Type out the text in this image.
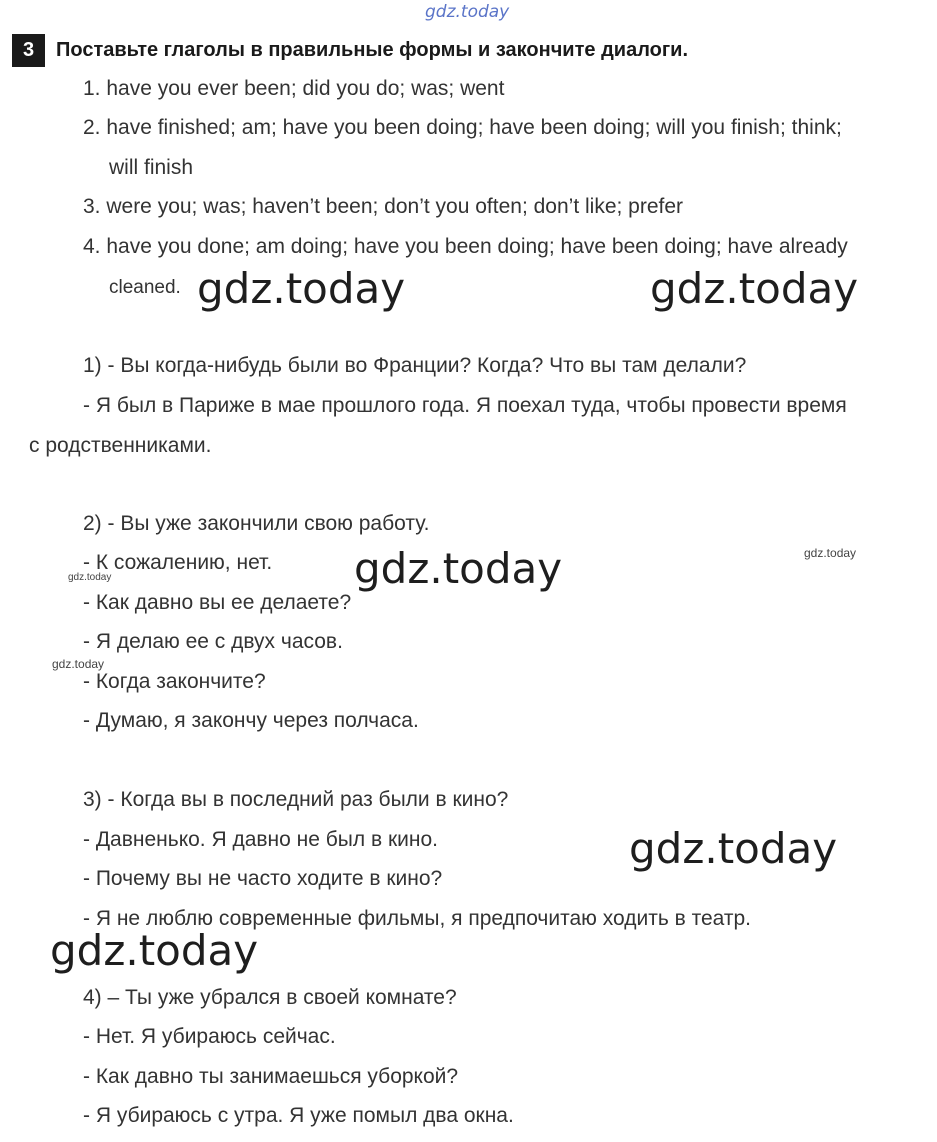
gdz.today
3	Поставьте глаголы в правильные формы и закончите диалоги.
1. have you ever been; did you do; was; went
2. have finished; am; have you been doing; have been doing; will you finish; think;
will finish
3. were you; was; haven’t been; don’t you often; don’t like; prefer
4. have you done; am doing; have you been doing; have been doing; have already
cleaned. gdz.today	gdz.today
1) - Вы когда-нибудь были во Франции? Когда? Что вы там делали?
- Я был в Париже в мае прошлого года. Я поехал туда, чтобы провести время
с родственниками.
2) - Вы уже закончили свою работу.
- К сожалению, нет.
- Как давно вы ее делаете?
- Я делаю ее с двух часов.
- Когда закончите?
- Думаю, я закончу через полчаса.
gdz.today	gdz.today
gdz.today
gdz.today
3) - Когда вы в последний раз были в кино?
- Давненько. Я давно не был в кино.
- Почему вы не часто ходите в кино?
- Я не люблю современные фильмы, я предпочитаю ходить в театр.
gdz.today
gdz.today
4) – Ты уже убрался в своей комнате?
- Нет. Я убираюсь сейчас.
- Как давно ты занимаешься уборкой?
- Я убираюсь с утра. Я уже помыл два окна.
